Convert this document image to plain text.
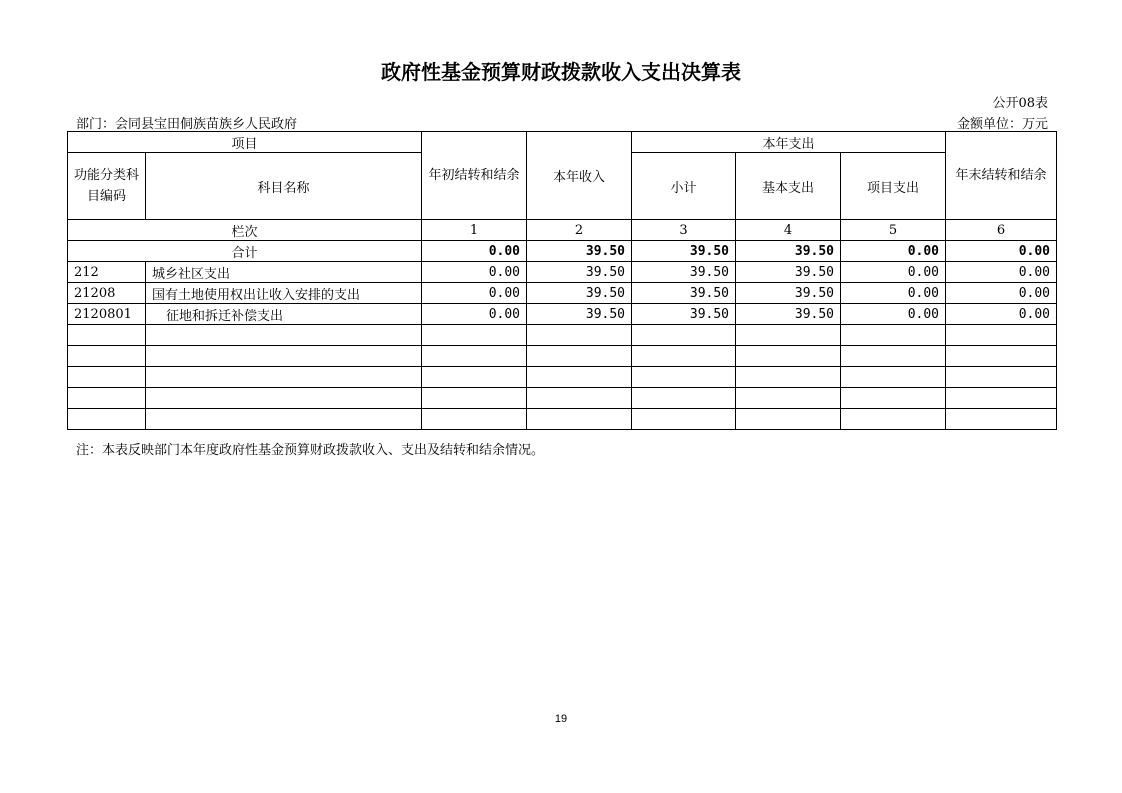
政府性基金预算财政拨款收入支出决算表
公开08表
部门：会同县宝田侗族苗族乡人民政府	金额单位：万元
项目		年初结转和结余	本年收入	本年支出			年末结转和结余
功能分类科目编码	科目名称			小计	基本支出	项目支出	
栏次		1	2	3	4	5	6
合计		0.00	39.50	39.50	39.50	0.00	0.00
212	城乡社区支出	0.00	39.50	39.50	39.50	0.00	0.00
21208	国有土地使用权出让收入安排的支出	0.00	39.50	39.50	39.50	0.00	0.00
2120801	征地和拆迁补偿支出	0.00	39.50	39.50	39.50	0.00	0.00

注：本表反映部门本年度政府性基金预算财政拨款收入、支出及结转和结余情况。
19
